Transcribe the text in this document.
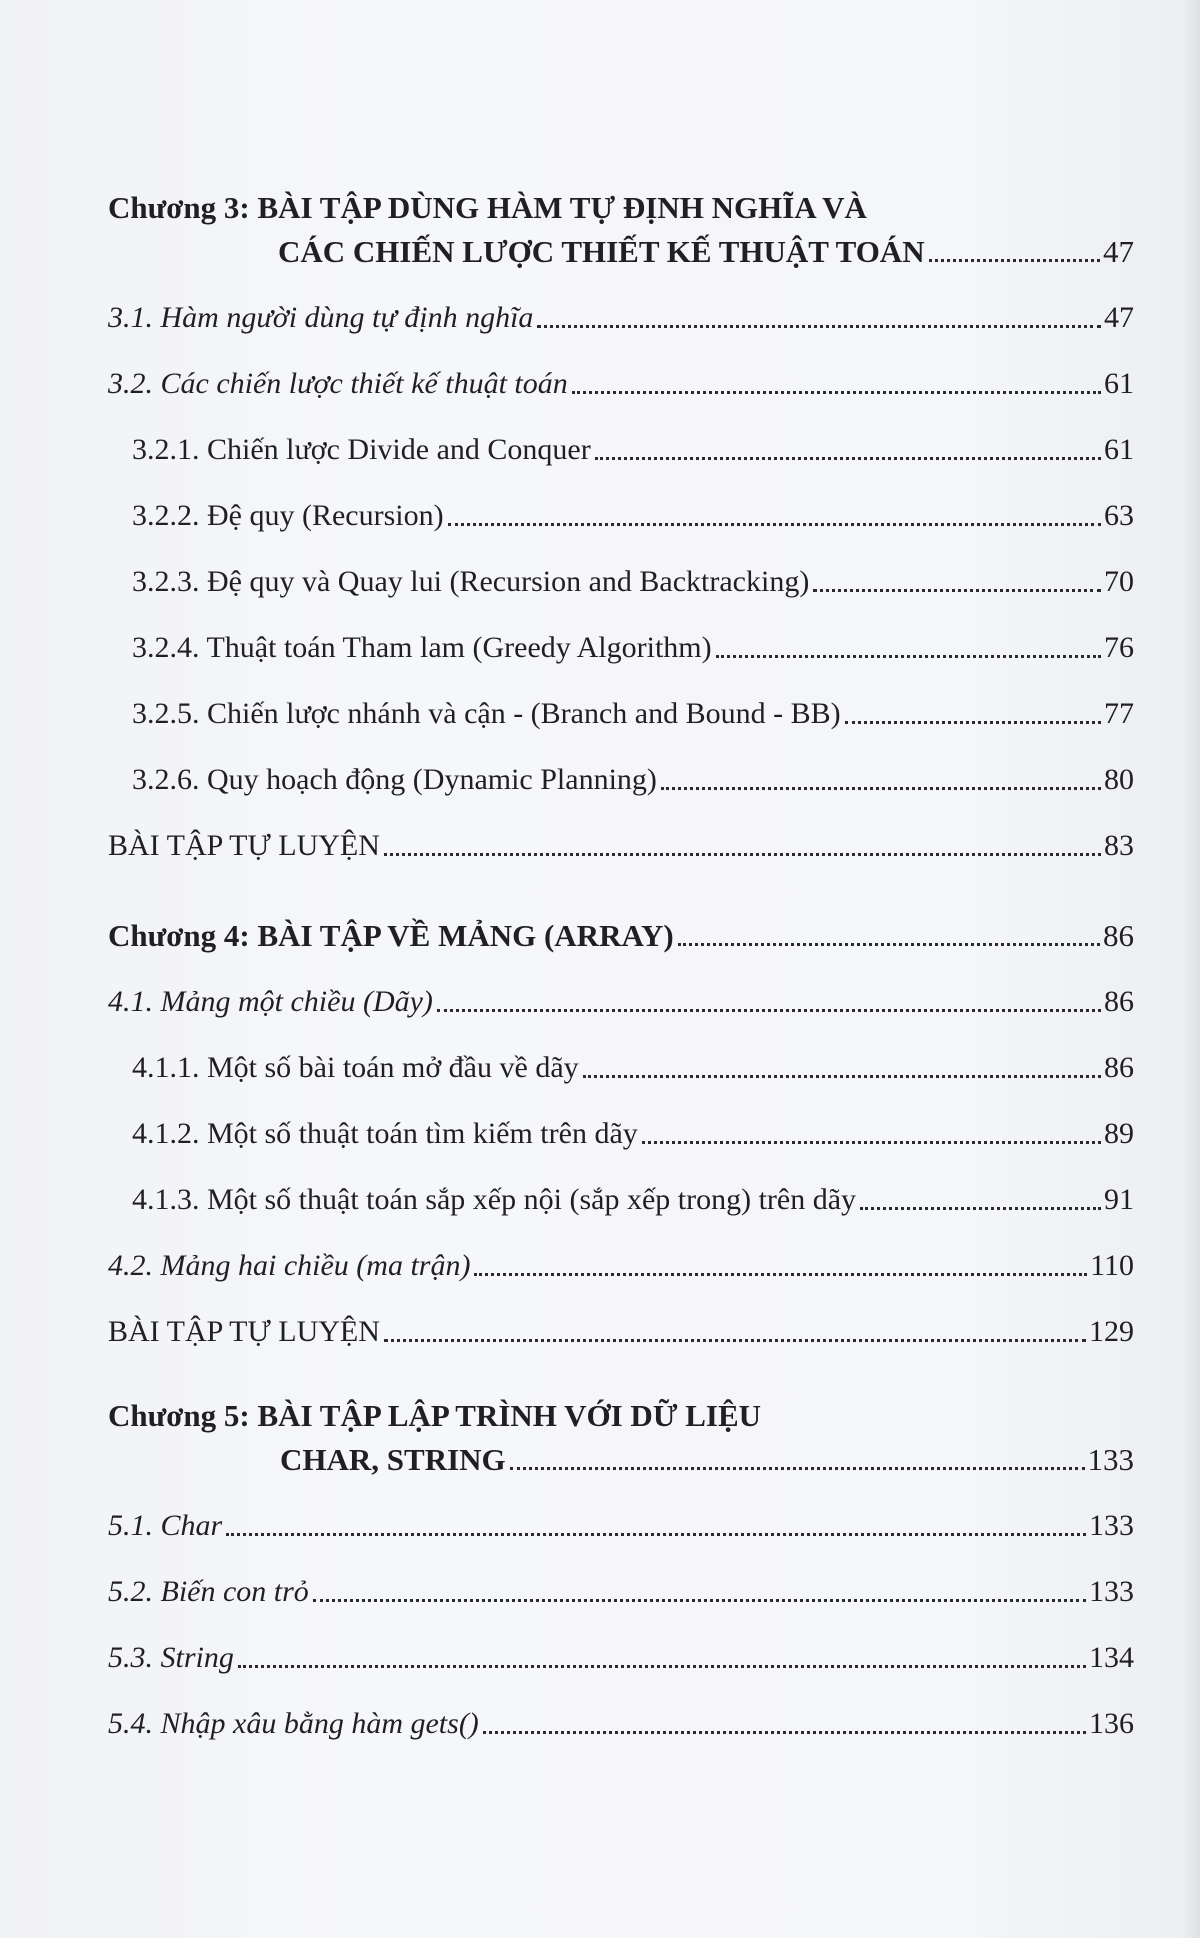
Chương 3: BÀI TẬP DÙNG HÀM TỰ ĐỊNH NGHĨA VÀ
CÁC CHIẾN LƯỢC THIẾT KẾ THUẬT TOÁN	47
3.1. Hàm người dùng tự định nghĩa	47
3.2. Các chiến lược thiết kế thuật toán	61
3.2.1. Chiến lược Divide and Conquer	61
3.2.2. Đệ quy (Recursion)	63
3.2.3. Đệ quy và Quay lui (Recursion and Backtracking)	70
3.2.4. Thuật toán Tham lam (Greedy Algorithm)	76
3.2.5. Chiến lược nhánh và cận - (Branch and Bound - BB)	77
3.2.6. Quy hoạch động (Dynamic Planning)	80
BÀI TẬP TỰ LUYỆN	83
Chương 4: BÀI TẬP VỀ MẢNG (ARRAY)	86
4.1. Mảng một chiều (Dãy)	86
4.1.1. Một số bài toán mở đầu về dãy	86
4.1.2. Một số thuật toán tìm kiếm trên dãy	89
4.1.3. Một số thuật toán sắp xếp nội (sắp xếp trong) trên dãy	91
4.2. Mảng hai chiều (ma trận)	110
BÀI TẬP TỰ LUYỆN	129
Chương 5: BÀI TẬP LẬP TRÌNH VỚI DỮ LIỆU
CHAR, STRING	133
5.1. Char	133
5.2. Biến con trỏ	133
5.3. String	134
5.4. Nhập xâu bằng hàm gets()	136
